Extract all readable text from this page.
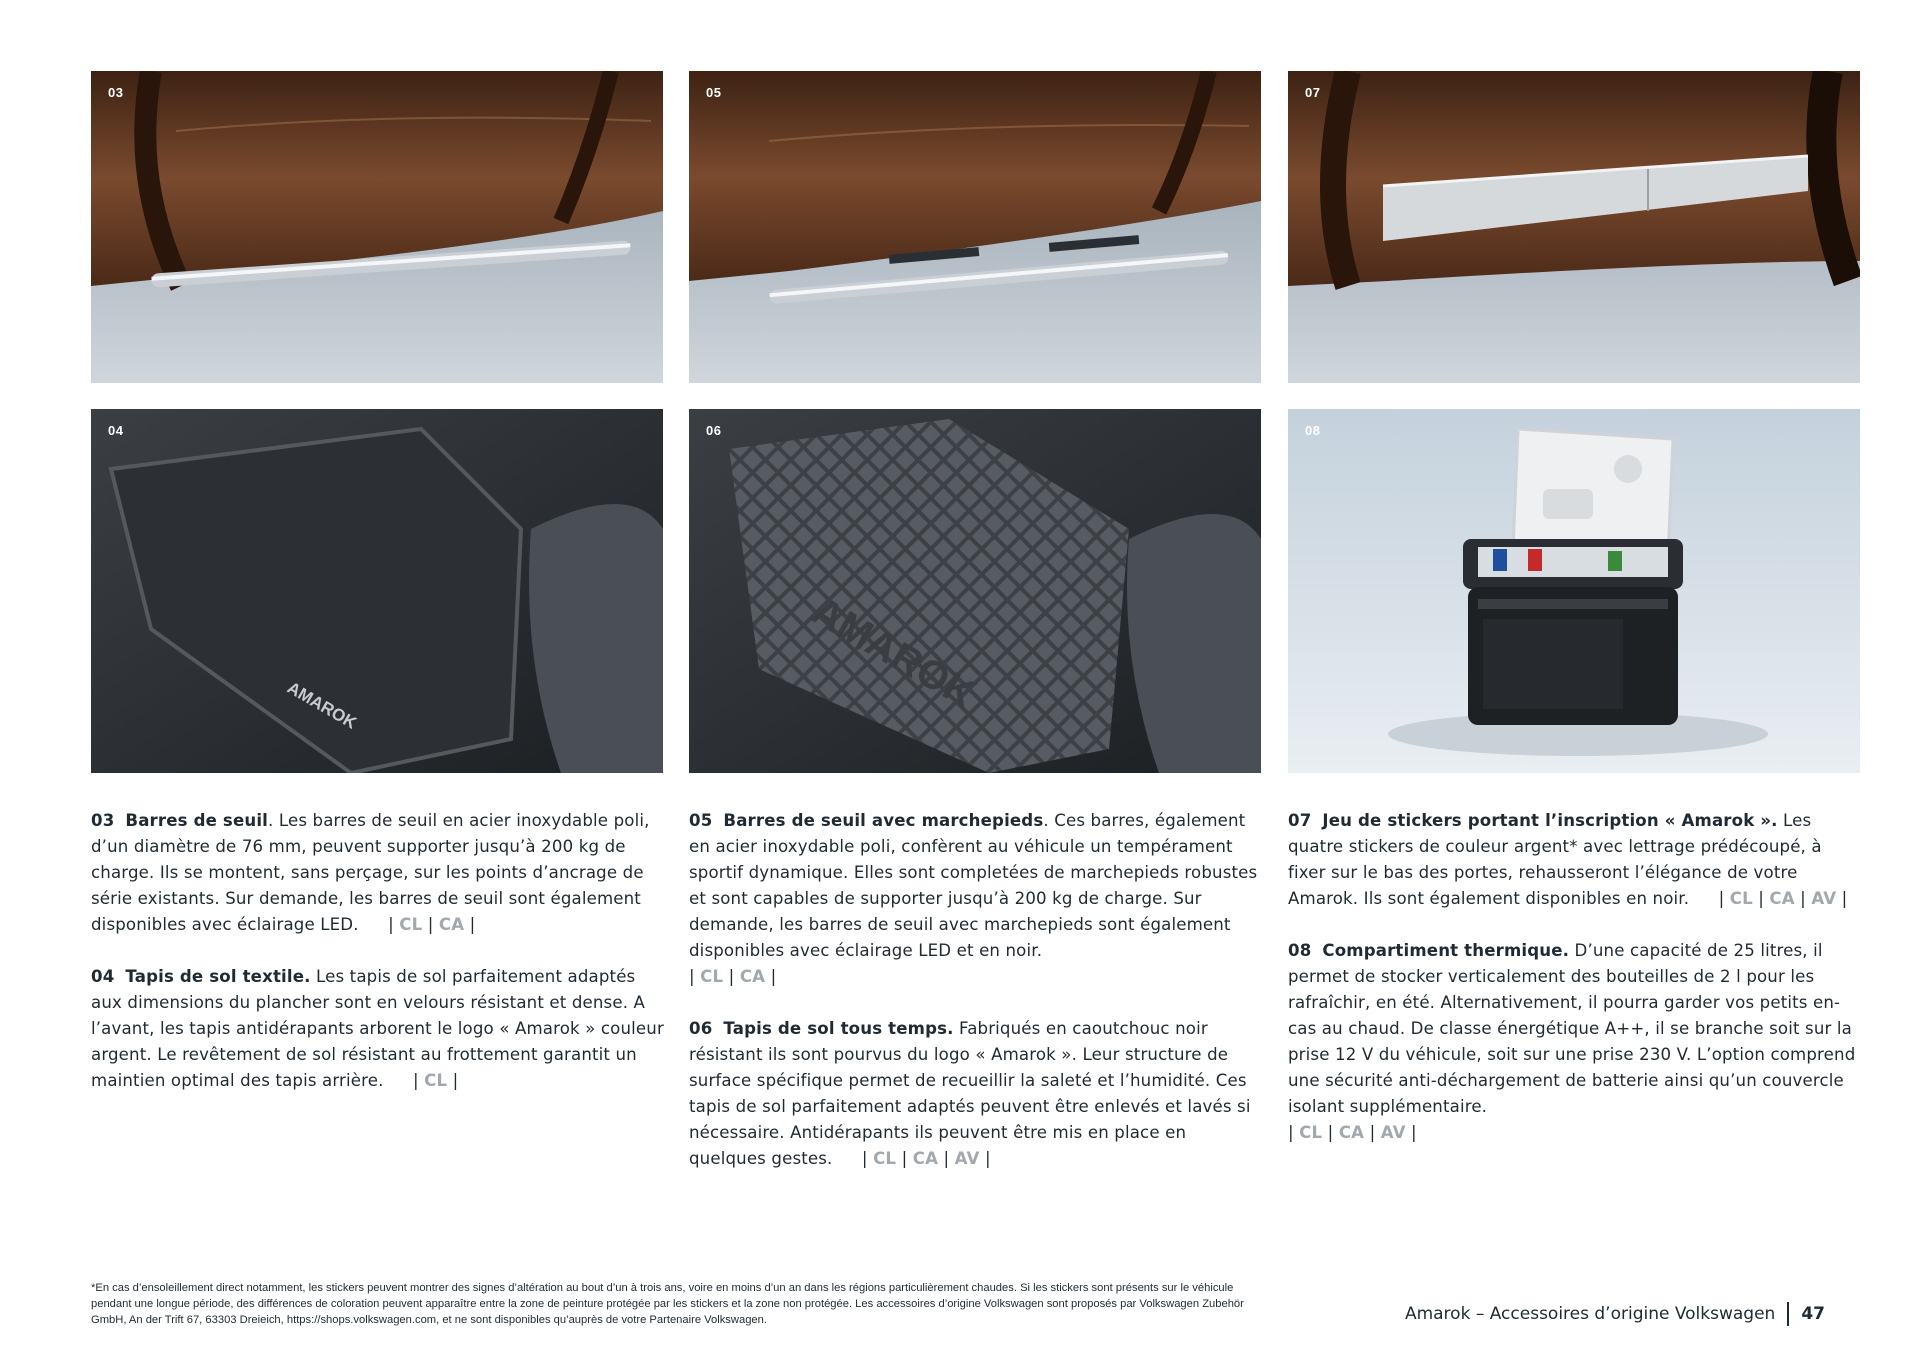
03	05	07
AMAROK
04
AMAROK
06	08

03 Barres de seuil. Les barres de seuil en acier inoxydable poli, d’un diamètre de 76 mm, peuvent supporter jusqu’à 200 kg de charge. Ils se montent, sans perçage, sur les points d’ancrage de série existants. Sur demande, les barres de seuil sont également disponibles avec éclairage LED. | CL | CA |

04 Tapis de sol textile. Les tapis de sol parfaitement adaptés aux dimensions du plancher sont en velours résistant et dense. A l’avant, les tapis antidérapants arborent le logo « Amarok » couleur argent. Le revêtement de sol résistant au frottement garantit un maintien optimal des tapis arrière. | CL |

05 Barres de seuil avec marchepieds. Ces barres, également en acier inoxydable poli, confèrent au véhicule un tempérament sportif dynamique. Elles sont completées de marchepieds robustes et sont capables de supporter jusqu’à 200 kg de charge. Sur demande, les barres de seuil avec marchepieds sont également disponibles avec éclairage LED et en noir.
| CL | CA |

06 Tapis de sol tous temps. Fabriqués en caoutchouc noir résistant ils sont pourvus du logo « Amarok ». Leur structure de surface spécifique permet de recueillir la saleté et l’humidité. Ces tapis de sol parfaitement adaptés peuvent être enlevés et lavés si nécessaire. Antidérapants ils peuvent être mis en place en quelques gestes. | CL | CA | AV |

07 Jeu de stickers portant l’inscription « Amarok ». Les quatre stickers de couleur argent* avec lettrage prédécoupé, à fixer sur le bas des portes, rehausseront l’élégance de votre Amarok. Ils sont également disponibles en noir. | CL | CA | AV |

08 Compartiment thermique. D’une capacité de 25 litres, il permet de stocker verticalement des bouteilles de 2 l pour les rafraîchir, en été. Alternativement, il pourra garder vos petits en-cas au chaud. De classe énergétique A++, il se branche soit sur la prise 12 V du véhicule, soit sur une prise 230 V. L’option comprend une sécurité anti-déchargement de batterie ainsi qu’un couvercle isolant supplémentaire.
| CL | CA | AV |

*En cas d’ensoleillement direct notamment, les stickers peuvent montrer des signes d’altération au bout d’un à trois ans, voire en moins d’un an dans les régions particulièrement chaudes. Si les stickers sont présents sur le véhicule pendant une longue période, des différences de coloration peuvent apparaître entre la zone de peinture protégée par les stickers et la zone non protégée. Les accessoires d’origine Volkswagen sont proposés par Volkswagen Zubehör GmbH, An der Trift 67, 63303 Dreieich, https://shops.volkswagen.com, et ne sont disponibles qu’auprès de votre Partenaire Volkswagen.	Amarok – Accessoires d’origine Volkswagen 47
